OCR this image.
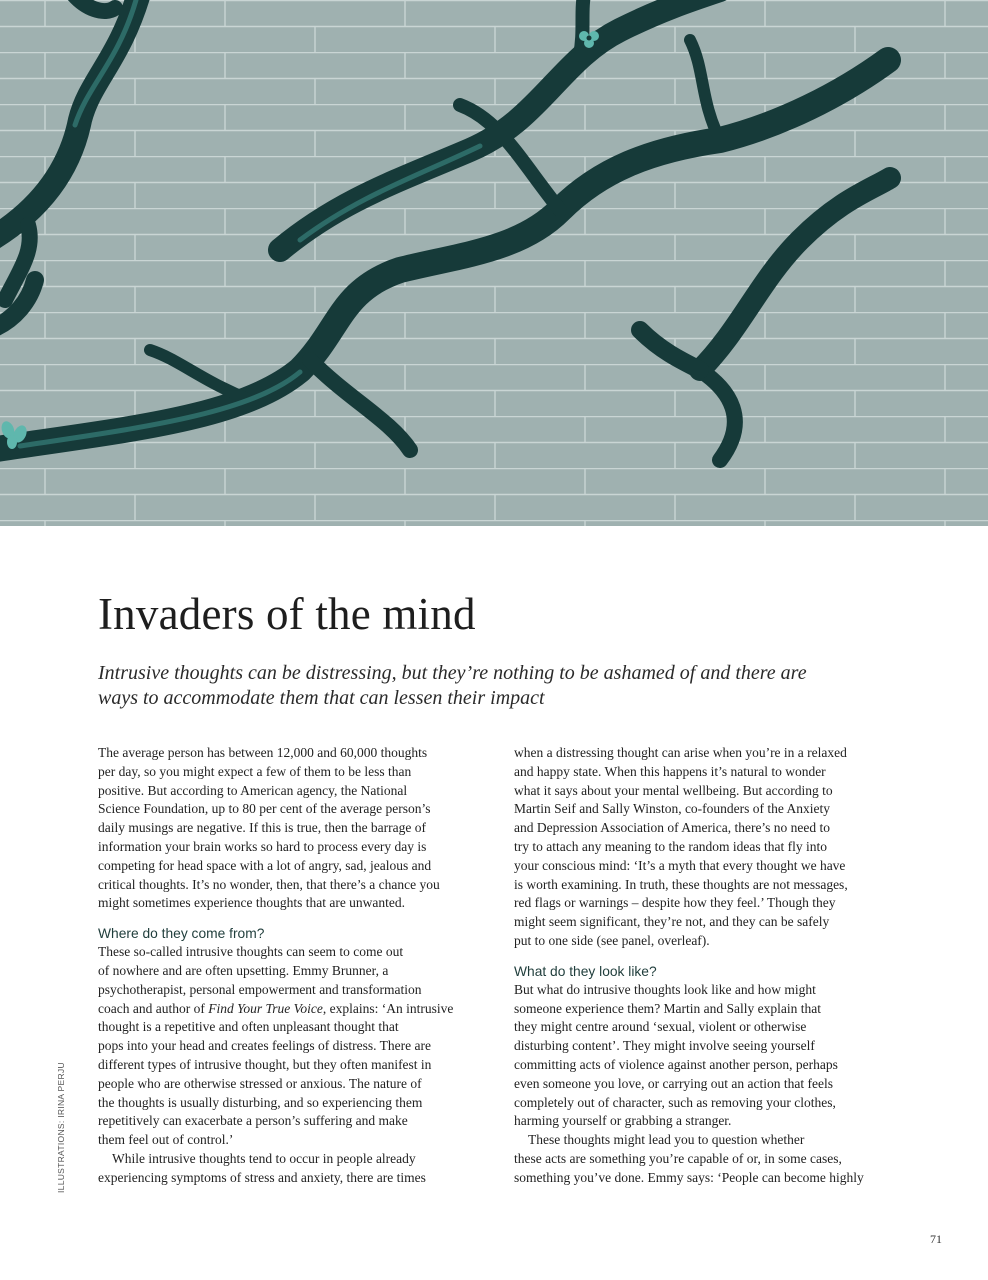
Invaders of the mind

Intrusive thoughts can be distressing, but they’re nothing to be ashamed of and there are ways to accommodate them that can lessen their impact

The average person has between 12,000 and 60,000 thoughts
per day, so you might expect a few of them to be less than
positive. But according to American agency, the National
Science Foundation, up to 80 per cent of the average person’s
daily musings are negative. If this is true, then the barrage of
information your brain works so hard to process every day is
competing for head space with a lot of angry, sad, jealous and
critical thoughts. It’s no wonder, then, that there’s a chance you
might sometimes experience thoughts that are unwanted.
Where do they come from?
These so-called intrusive thoughts can seem to come out
of nowhere and are often upsetting. Emmy Brunner, a
psychotherapist, personal empowerment and transformation
coach and author of Find Your True Voice, explains: ‘An intrusive
thought is a repetitive and often unpleasant thought that
pops into your head and creates feelings of distress. There are
different types of intrusive thought, but they often manifest in
people who are otherwise stressed or anxious. The nature of
the thoughts is usually disturbing, and so experiencing them
repetitively can exacerbate a person’s suffering and make
them feel out of control.’
While intrusive thoughts tend to occur in people already
experiencing symptoms of stress and anxiety, there are times
when a distressing thought can arise when you’re in a relaxed
and happy state. When this happens it’s natural to wonder
what it says about your mental wellbeing. But according to
Martin Seif and Sally Winston, co-founders of the Anxiety
and Depression Association of America, there’s no need to
try to attach any meaning to the random ideas that fly into
your conscious mind: ‘It’s a myth that every thought we have
is worth examining. In truth, these thoughts are not messages,
red flags or warnings – despite how they feel.’ Though they
might seem significant, they’re not, and they can be safely
put to one side (see panel, overleaf).
What do they look like?
But what do intrusive thoughts look like and how might
someone experience them? Martin and Sally explain that
they might centre around ‘sexual, violent or otherwise
disturbing content’. They might involve seeing yourself
committing acts of violence against another person, perhaps
even someone you love, or carrying out an action that feels
completely out of character, such as removing your clothes,
harming yourself or grabbing a stranger.
These thoughts might lead you to question whether
these acts are something you’re capable of or, in some cases,
something you’ve done. Emmy says: ‘People can become highly
ILLUSTRATIONS: IRINA PERJU
71
